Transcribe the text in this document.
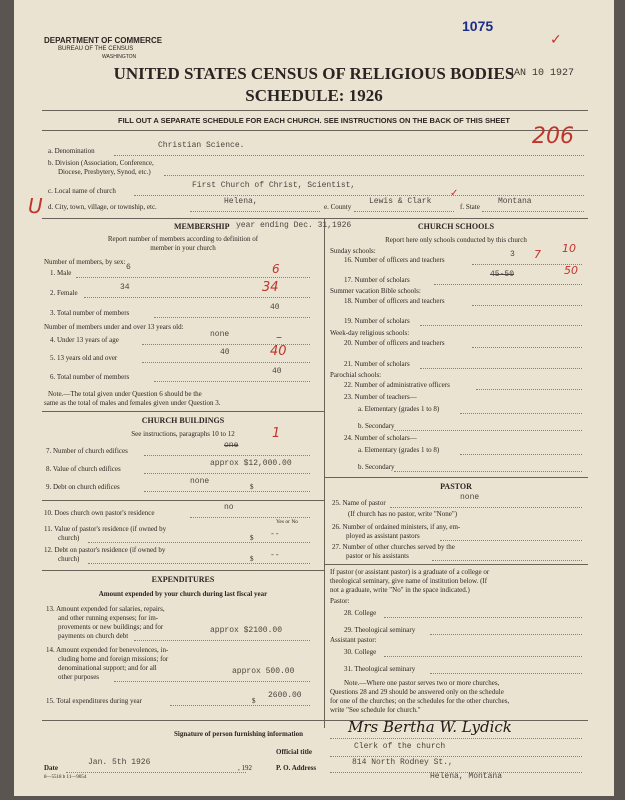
DEPARTMENT OF COMMERCE
BUREAU OF THE CENSUS
WASHINGTON
1075
✓
JAN 10 1927
UNITED STATES CENSUS OF RELIGIOUS BODIES
SCHEDULE: 1926
FILL OUT A SEPARATE SCHEDULE FOR EACH CHURCH. SEE INSTRUCTIONS ON THE BACK OF THIS SHEET
206
a. Denomination
Christian Science.
b. Division (Association, Conference,
Diocese, Presbytery, Synod, etc.)
c. Local name of church
First Church of Christ, Scientist,
U d. City, town, village, or township, etc.
Helena,
e. County
Lewis & Clark
✓
f. State
Montana
MEMBERSHIP year ending Dec. 31,1926
Report number of members according to definition of
member in your church
Number of members, by sex:
1. Male
6	6
2. Female
34	34
3. Total number of members
40
Number of members under and over 13 years old:
4. Under 13 years of age
none	–
5. 13 years old and over
40	40
6. Total number of members
40
Note.—The total given under Question 6 should be the
same as the total of males and females given under Question 3.
CHURCH BUILDINGS
See instructions, paragraphs 10 to 12	1
7. Number of church edifices
one
8. Value of church edifices
approx $12,000.00
9. Debt on church edifices
none
$
10. Does church own pastor's residence
no
Yes or No
11. Value of pastor's residence (if owned by
church)	$ --
12. Debt on pastor's residence (if owned by
church)	$ --
EXPENDITURES
Amount expended by your church during last fiscal year
13. Amount expended for salaries, repairs,
and other running expenses; for im-
provements or new buildings; and for
payments on church debt
approx $2100.00
14. Amount expended for benevolences, in-
cluding home and foreign missions; for
denominational support; and for all
other purposes
approx 500.00
15. Total expenditures during year	$
2600.00
CHURCH SCHOOLS
Report here only schools conducted by this church
Sunday schools:
16. Number of officers and teachers
3 7 10
17. Number of scholars
45-50	50
Summer vacation Bible schools:
18. Number of officers and teachers
19. Number of scholars
Week-day religious schools:
20. Number of officers and teachers
21. Number of scholars
Parochial schools:
22. Number of administrative officers
23. Number of teachers—
a. Elementary (grades 1 to 8)
b. Secondary
24. Number of scholars—
a. Elementary (grades 1 to 8)
b. Secondary
PASTOR
25. Name of pastor
none
(If church has no pastor, write "None")
26. Number of ordained ministers, if any, em-
ployed as assistant pastors
27. Number of other churches served by the
pastor or his assistants
If pastor (or assistant pastor) is a graduate of a college or
theological seminary, give name of institution below. (If
not a graduate, write "No" in the space indicated.)
Pastor:
28. College
29. Theological seminary
Assistant pastor:
30. College
31. Theological seminary
Note.—Where one pastor serves two or more churches,
Questions 28 and 29 should be answered only on the schedule
for one of the churches; on the schedules for the other churches,
write "See schedule for church."
Signature of person furnishing information	Mrs Bertha W. Lydick
Official title
Clerk of the church
Date
Jan. 5th 1926
, 192	P. O. Address
814 North Rodney St.,
Helena, Montana
8—5518 b 11—9054
